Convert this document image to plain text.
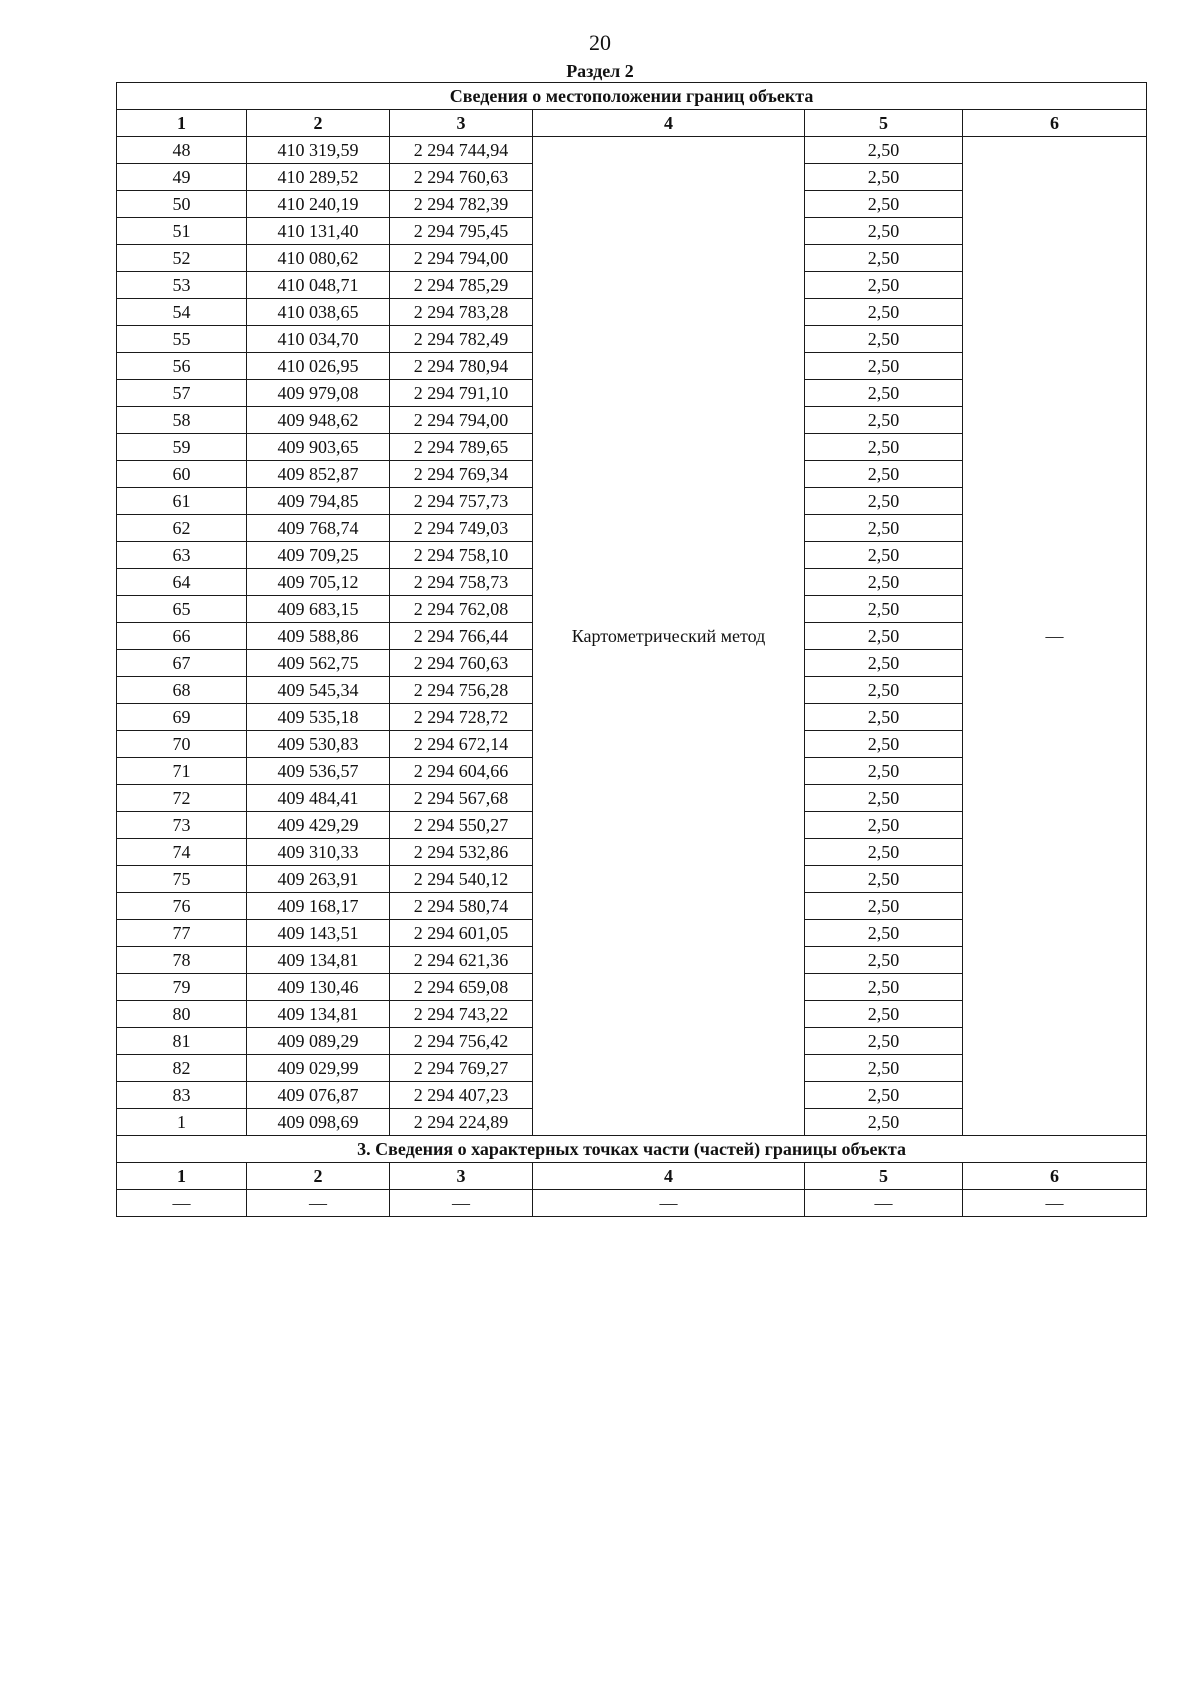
20
Раздел 2
Сведения о местоположении границ объекта					
1	2	3	4	5	6
48	410 319,59	2 294 744,94	Картометрический метод	2,50	—
49	410 289,52	2 294 760,63		2,50	
50	410 240,19	2 294 782,39		2,50	
51	410 131,40	2 294 795,45		2,50	
52	410 080,62	2 294 794,00		2,50	
53	410 048,71	2 294 785,29		2,50	
54	410 038,65	2 294 783,28		2,50	
55	410 034,70	2 294 782,49		2,50	
56	410 026,95	2 294 780,94		2,50	
57	409 979,08	2 294 791,10		2,50	
58	409 948,62	2 294 794,00		2,50	
59	409 903,65	2 294 789,65		2,50	
60	409 852,87	2 294 769,34		2,50	
61	409 794,85	2 294 757,73		2,50	
62	409 768,74	2 294 749,03		2,50	
63	409 709,25	2 294 758,10		2,50	
64	409 705,12	2 294 758,73		2,50	
65	409 683,15	2 294 762,08		2,50	
66	409 588,86	2 294 766,44		2,50	
67	409 562,75	2 294 760,63		2,50	
68	409 545,34	2 294 756,28		2,50	
69	409 535,18	2 294 728,72		2,50	
70	409 530,83	2 294 672,14		2,50	
71	409 536,57	2 294 604,66		2,50	
72	409 484,41	2 294 567,68		2,50	
73	409 429,29	2 294 550,27		2,50	
74	409 310,33	2 294 532,86		2,50	
75	409 263,91	2 294 540,12		2,50	
76	409 168,17	2 294 580,74		2,50	
77	409 143,51	2 294 601,05		2,50	
78	409 134,81	2 294 621,36		2,50	
79	409 130,46	2 294 659,08		2,50	
80	409 134,81	2 294 743,22		2,50	
81	409 089,29	2 294 756,42		2,50	
82	409 029,99	2 294 769,27		2,50	
83	409 076,87	2 294 407,23		2,50	
1	409 098,69	2 294 224,89		2,50	
3. Сведения о характерных точках части (частей) границы объекта					
1	2	3	4	5	6
—	—	—	—	—	—
